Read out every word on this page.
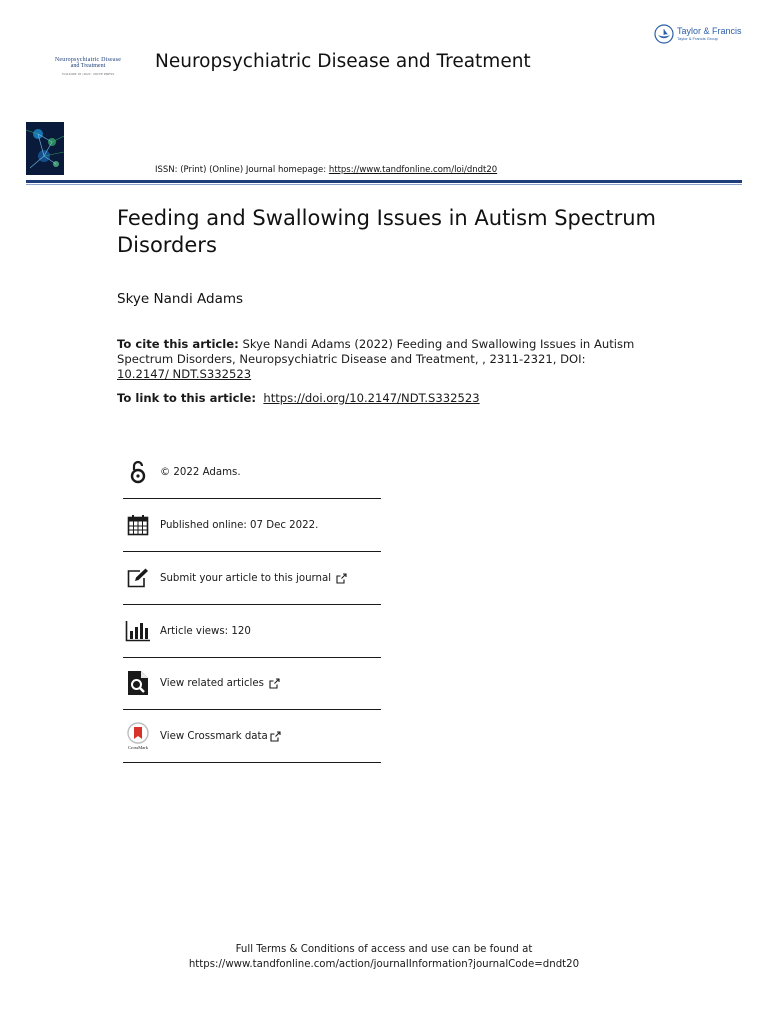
Taylor & Francis
Taylor & Francis Group
Neuropsychiatric Disease
and Treatment
VOLUME 18 | 2022 · DOVE PRESS
Neuropsychiatric Disease and Treatment
ISSN: (Print) (Online) Journal homepage: https://www.tandfonline.com/loi/dndt20
Feeding and Swallowing Issues in Autism Spectrum Disorders
Skye Nandi Adams
To cite this article: Skye Nandi Adams (2022) Feeding and Swallowing Issues in Autism Spectrum Disorders, Neuropsychiatric Disease and Treatment, , 2311-2321, DOI: 10.2147/ NDT.S332523
To link to this article: https://doi.org/10.2147/NDT.S332523
© 2022 Adams.
Published online: 07 Dec 2022.
Submit your article to this journal
Article views: 120
View related articles
CrossMark
View Crossmark data
Full Terms & Conditions of access and use can be found at
https://www.tandfonline.com/action/journalInformation?journalCode=dndt20
